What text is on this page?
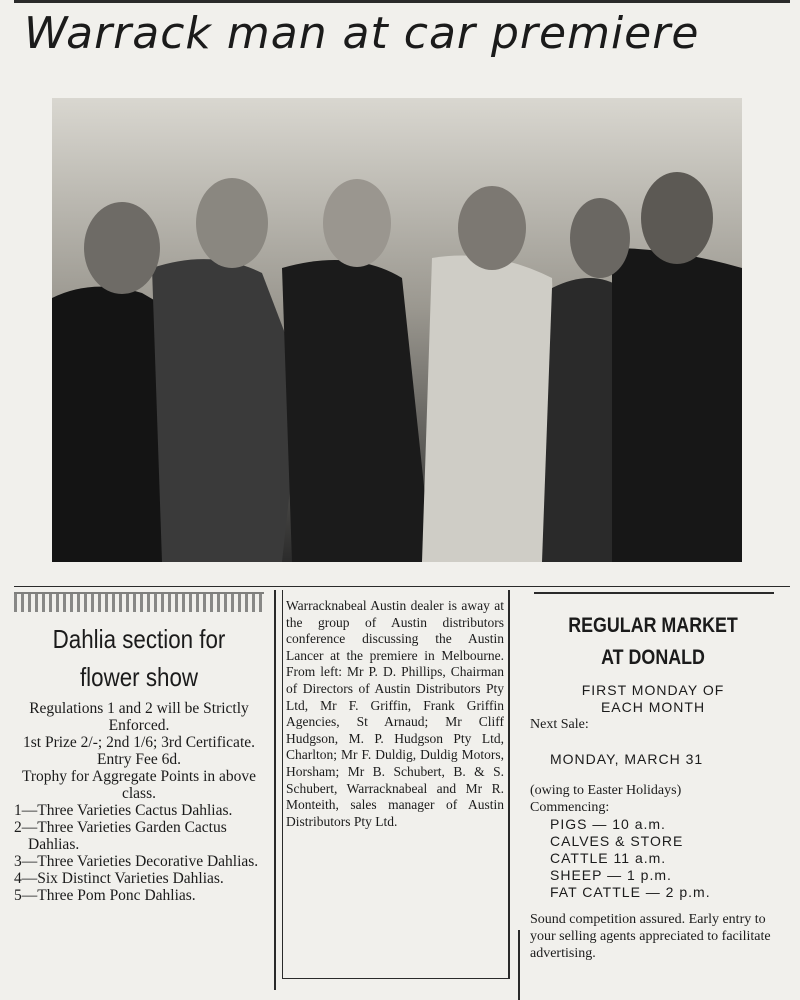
Warrack man at car premiere
Dahlia section for
flower show

Regulations 1 and 2 will be Strictly Enforced.

1st Prize 2/-; 2nd 1/6; 3rd Certificate.

Entry Fee 6d.

Trophy for Aggregate Points in above class.

1—Three Varieties Cactus Dahlias.
2—Three Varieties Garden Cactus Dahlias.
3—Three Varieties Decorative Dahlias.
4—Six Distinct Varieties Dahlias.
5—Three Pom Ponc Dahlias.
Warracknabeal Austin dealer is away at the group of Austin distributors conference discussing the Austin Lancer at the premiere in Melbourne. From left: Mr P. D. Phillips, Chairman of Directors of Austin Distributors Pty Ltd, Mr F. Griffin, Frank Griffin Agencies, St Arnaud; Mr Cliff Hudgson, M. P. Hudgson Pty Ltd, Charlton; Mr F. Duldig, Duldig Motors, Horsham; Mr B. Schubert, B. & S. Schubert, Warracknabeal and Mr R. Monteith, sales manager of Austin Distributors Pty Ltd.
REGULAR MARKET
AT DONALD
FIRST MONDAY OF
EACH MONTH
Next Sale:
MONDAY, MARCH 31
(owing to Easter Holidays)
Commencing:
PIGS — 10 a.m.
CALVES & STORE
CATTLE 11 a.m.
SHEEP — 1 p.m.
FAT CATTLE — 2 p.m.
Sound competition assured. Early entry to your selling agents appreciated to facilitate advertising.
